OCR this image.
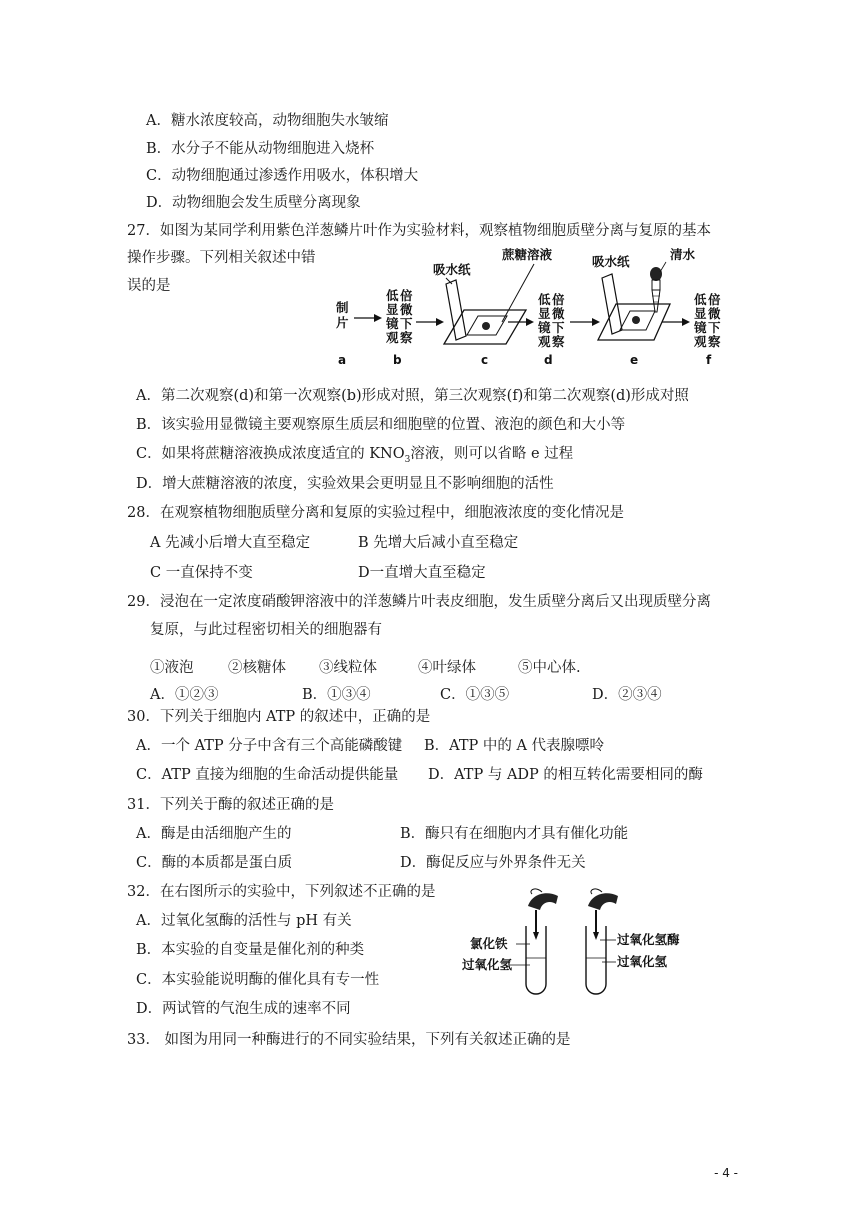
A．糖水浓度较高，动物细胞失水皱缩
B．水分子不能从动物细胞进入烧杯
C．动物细胞通过渗透作用吸水，体积增大
D．动物细胞会发生质壁分离现象
27．如图为某同学利用紫色洋葱鳞片叶作为实验材料，观察植物细胞质壁分离与复原的基本
操作步骤。下列相关叙述中错
误的是
吸水纸
蔗糖溶液	吸水纸	清水
制
片
低
显
镜
观
倍
微
下
察
低
显
镜
观
倍
微
下
察
低
显
镜
观
倍
微
下
察
a	b	c	d	e	f
A．第二次观察(d)和第一次观察(b)形成对照，第三次观察(f)和第二次观察(d)形成对照
B．该实验用显微镜主要观察原生质层和细胞壁的位置、液泡的颜色和大小等
C．如果将蔗糖溶液换成浓度适宜的 $KNO_3$溶液，则可以省略 e 过程
D．增大蔗糖溶液的浓度，实验效果会更明显且不影响细胞的活性
28．在观察植物细胞质壁分离和复原的实验过程中，细胞液浓度的变化情况是
A 先减小后增大直至稳定	B 先增大后减小直至稳定
C 一直保持不变	D一直增大直至稳定
29．浸泡在一定浓度硝酸钾溶液中的洋葱鳞片叶表皮细胞，发生质壁分离后又出现质壁分离
复原，与此过程密切相关的细胞器有
①液泡 ②核糖体 ③线粒体	④叶绿体	⑤中心体.
A．①②③	B．①③④	C．①③⑤	D．②③④
30．下列关于细胞内 ATP 的叙述中，正确的是
A．一个 ATP 分子中含有三个高能磷酸键 B．ATP 中的 A 代表腺嘌呤
C．ATP 直接为细胞的生命活动提供能量 D．ATP 与 ADP 的相互转化需要相同的酶
31．下列关于酶的叙述正确的是
A．酶是由活细胞产生的	B．酶只有在细胞内才具有催化功能
C．酶的本质都是蛋白质	D．酶促反应与外界条件无关
32．在右图所示的实验中，下列叙述不正确的是
A．过氧化氢酶的活性与 pH 有关
B．本实验的自变量是催化剂的种类
C．本实验能说明酶的催化具有专一性
D．两试管的气泡生成的速率不同
氯化铁
过氧化氢
过氧化氢酶
过氧化氢
33． 如图为用同一种酶进行的不同实验结果，下列有关叙述正确的是
- 4 -
